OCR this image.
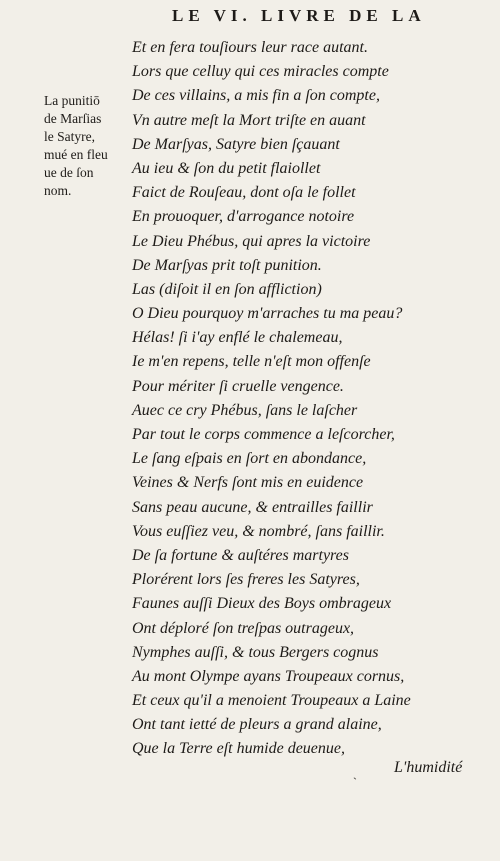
LE VI. LIVRE DE LA
La punitiō
de Marſias
le Satyre,
mué en fleu
ue de ſon
nom.
Et en fera touſiours leur race autant.
Lors que celluy qui ces miracles compte
De ces villains, a mis fin a ſon compte,
Vn autre meſt la Mort triſte en auant
De Marſyas, Satyre bien ſçauant
Au ieu & ſon du petit flaiollet
Faict de Rouſeau, dont oſa le follet
En prouoquer, d'arrogance notoire
Le Dieu Phébus, qui apres la victoire
De Marſyas prit toſt punition.
Las (diſoit il en ſon affliction)
O Dieu pourquoy m'arraches tu ma peau?
Hélas! ſi i'ay enflé le chalemeau,
Ie m'en repens, telle n'eſt mon offenſe
Pour mériter ſi cruelle vengence.
Auec ce cry Phébus, ſans le laſcher
Par tout le corps commence a leſcorcher,
Le ſang eſpais en ſort en abondance,
Veines & Nerfs ſont mis en euidence
Sans peau aucune, & entrailles faillir
Vous euſſiez veu, & nombré, ſans faillir.
De ſa fortune & auſtéres martyres
Plorérent lors ſes freres les Satyres,
Faunes auſſi Dieux des Boys ombrageux
Ont déploré ſon treſpas outrageux,
Nymphes auſſi, & tous Bergers cognus
Au mont Olympe ayans Troupeaux cornus,
Et ceux qu'il a menoient Troupeaux a Laine
Ont tant ietté de pleurs a grand alaine,
Que la Terre eſt humide deuenue,
ˎ L'humidité
